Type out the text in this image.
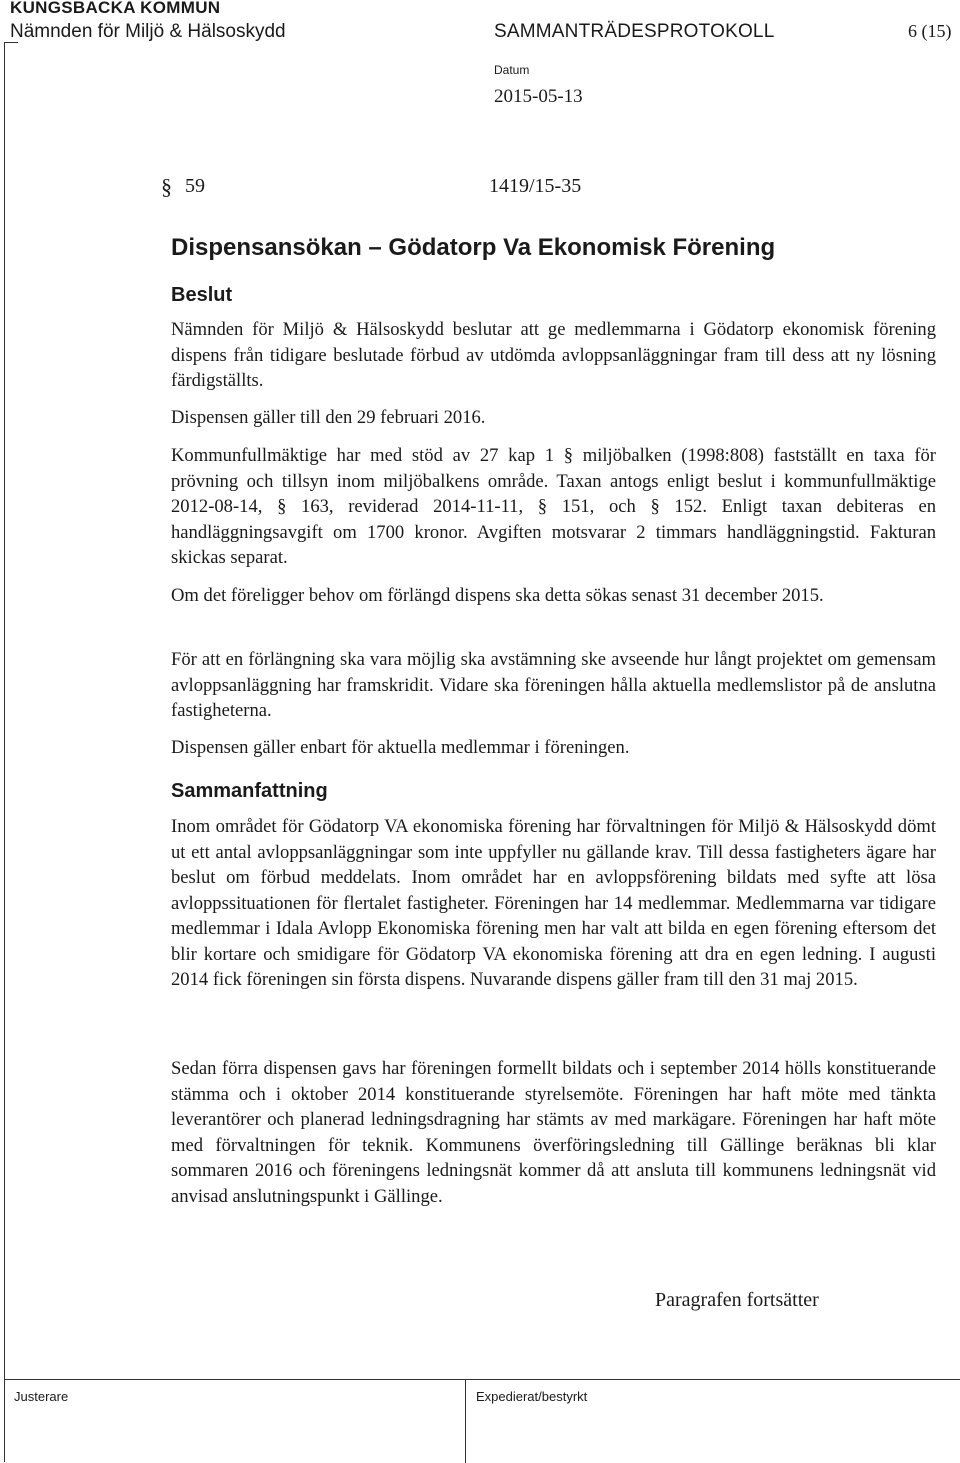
KUNGSBACKA KOMMUN
Nämnden för Miljö & Hälsoskydd	SAMMANTRÄDESPROTOKOLL	6 (15)
Datum
2015-05-13
§ 59	1419/15-35
Dispensansökan – Gödatorp Va Ekonomisk Förening
Beslut

Nämnden för Miljö & Hälsoskydd beslutar att ge medlemmarna i Gödatorp ekonomisk förening dispens från tidigare beslutade förbud av utdömda avloppsanläggningar fram till dess att ny lösning färdigställts.

Dispensen gäller till den 29 februari 2016.

Kommunfullmäktige har med stöd av 27 kap 1 § miljöbalken (1998:808) fastställt en taxa för prövning och tillsyn inom miljöbalkens område. Taxan antogs enligt beslut i kommunfullmäktige 2012-08-14, § 163, reviderad 2014-11-11, § 151, och § 152. Enligt taxan debiteras en handläggningsavgift om 1700 kronor. Avgiften motsvarar 2 timmars handläggningstid. Fakturan skickas separat.

Om det föreligger behov om förlängd dispens ska detta sökas senast 31 december 2015.

För att en förlängning ska vara möjlig ska avstämning ske avseende hur långt projektet om gemensam avloppsanläggning har framskridit. Vidare ska föreningen hålla aktuella medlemslistor på de anslutna fastigheterna.

Dispensen gäller enbart för aktuella medlemmar i föreningen.

Sammanfattning

Inom området för Gödatorp VA ekonomiska förening har förvaltningen för Miljö & Hälsoskydd dömt ut ett antal avloppsanläggningar som inte uppfyller nu gällande krav. Till dessa fastigheters ägare har beslut om förbud meddelats. Inom området har en avloppsförening bildats med syfte att lösa avloppssituationen för flertalet fastigheter. Föreningen har 14 medlemmar. Medlemmarna var tidigare medlemmar i Idala Avlopp Ekonomiska förening men har valt att bilda en egen förening eftersom det blir kortare och smidigare för Gödatorp VA ekonomiska förening att dra en egen ledning. I augusti 2014 fick föreningen sin första dispens. Nuvarande dispens gäller fram till den 31 maj 2015.

Sedan förra dispensen gavs har föreningen formellt bildats och i september 2014 hölls konstituerande stämma och i oktober 2014 konstituerande styrelsemöte. Föreningen har haft möte med tänkta leverantörer och planerad ledningsdragning har stämts av med markägare. Föreningen har haft möte med förvaltningen för teknik. Kommunens överföringsledning till Gällinge beräknas bli klar sommaren 2016 och föreningens ledningsnät kommer då att ansluta till kommunens ledningsnät vid anvisad anslutningspunkt i Gällinge.

Paragrafen fortsätter
Justerare	Expedierat/bestyrkt
